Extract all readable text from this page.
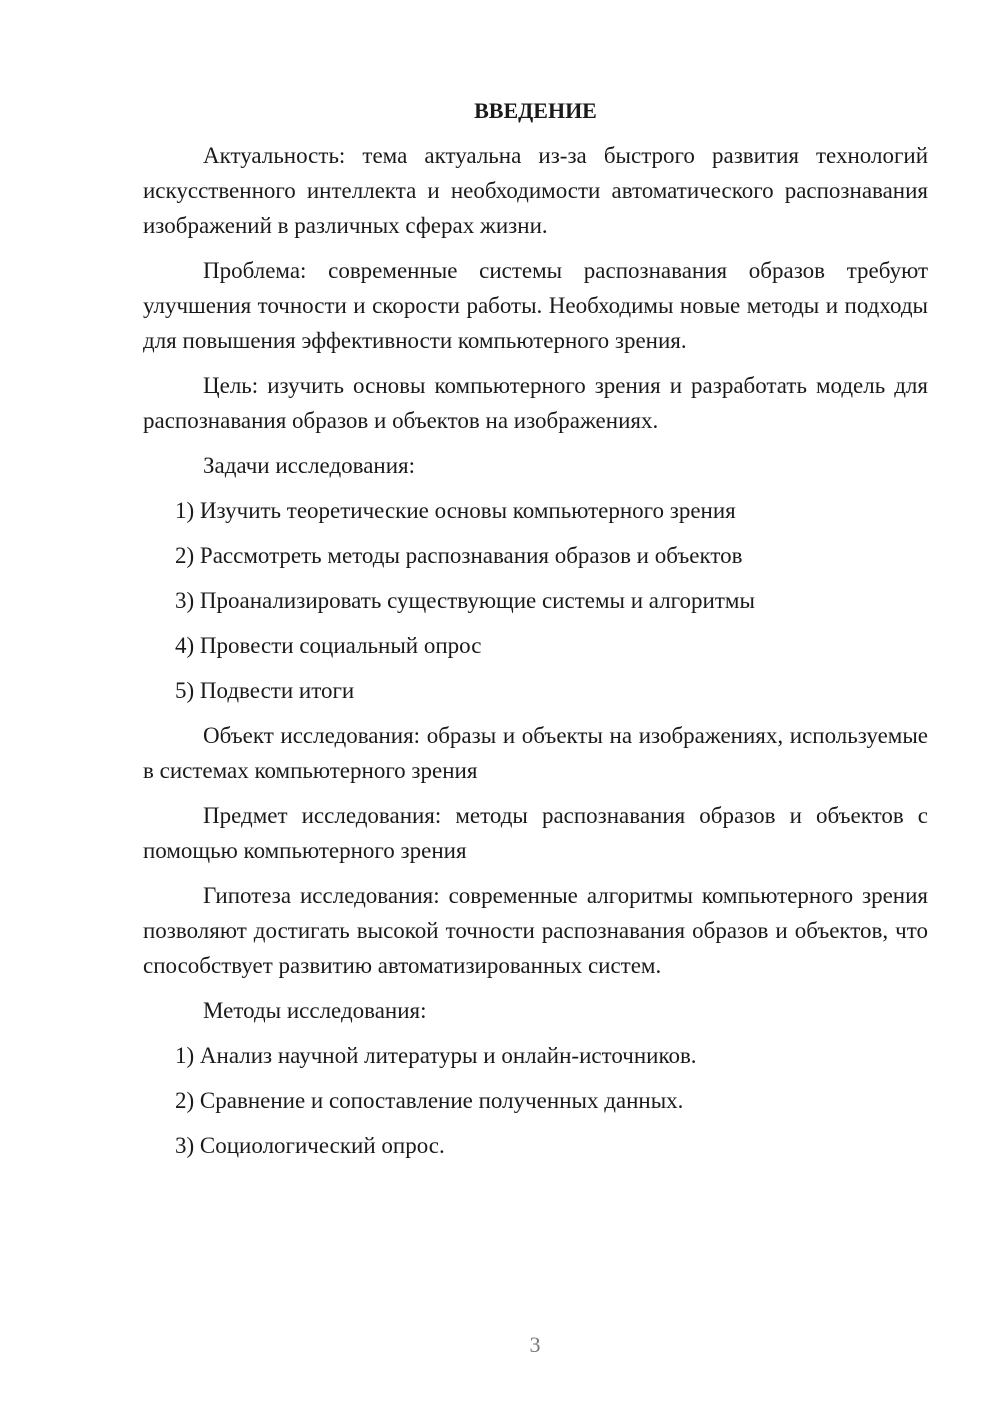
ВВЕДЕНИЕ

Актуальность: тема актуальна из-за быстрого развития технологий искусственного интеллекта и необходимости автоматического распознавания изображений в различных сферах жизни.

Проблема: современные системы распознавания образов требуют улучшения точности и скорости работы. Необходимы новые методы и подходы для повышения эффективности компьютерного зрения.

Цель: изучить основы компьютерного зрения и разработать модель для распознавания образов и объектов на изображениях.

Задачи исследования:

1) Изучить теоретические основы компьютерного зрения

2) Рассмотреть методы распознавания образов и объектов

3) Проанализировать существующие системы и алгоритмы

4) Провести социальный опрос

5) Подвести итоги

Объект исследования: образы и объекты на изображениях, используемые в системах компьютерного зрения

Предмет исследования: методы распознавания образов и объектов с помощью компьютерного зрения

Гипотеза исследования: современные алгоритмы компьютерного зрения позволяют достигать высокой точности распознавания образов и объектов, что способствует развитию автоматизированных систем.

Методы исследования:

1) Анализ научной литературы и онлайн-источников.

2) Сравнение и сопоставление полученных данных.

3) Социологический опрос.

3
